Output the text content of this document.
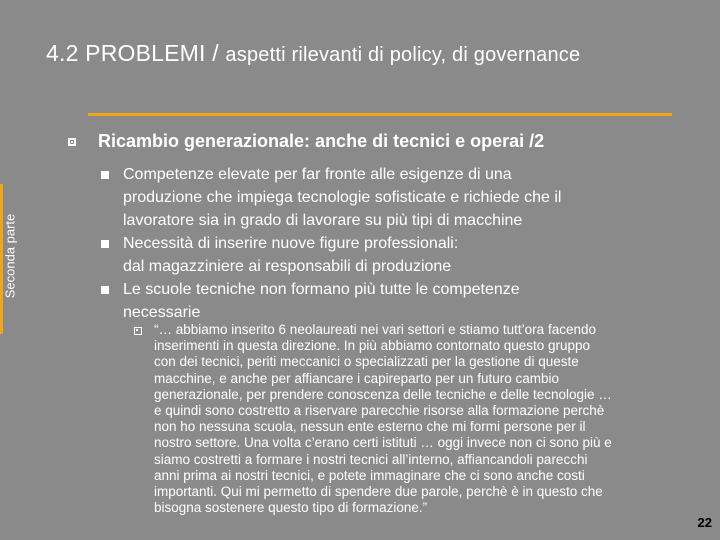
4.2 PROBLEMI / aspetti rilevanti di policy, di governance
Seconda parte
Ricambio generazionale: anche di tecnici e operai /2
Competenze elevate per far fronte alle esigenze di una
produzione che impiega tecnologie sofisticate e richiede che il
lavoratore sia in grado di lavorare su più tipi di macchine
Necessità di inserire nuove figure professionali:
dal magazziniere ai responsabili di produzione
Le scuole tecniche non formano più tutte le competenze
necessarie
“… abbiamo inserito 6 neolaureati nei vari settori e stiamo tutt’ora facendo
inserimenti in questa direzione. In più abbiamo contornato questo gruppo
con dei tecnici, periti meccanici o specializzati per la gestione di queste
macchine, e anche per affiancare i capireparto per un futuro cambio
generazionale, per prendere conoscenza delle tecniche e delle tecnologie …
e quindi sono costretto a riservare parecchie risorse alla formazione perchè
non ho nessuna scuola, nessun ente esterno che mi formi persone per il
nostro settore. Una volta c’erano certi istituti … oggi invece non ci sono più e
siamo costretti a formare i nostri tecnici all’interno, affiancandoli parecchi
anni prima ai nostri tecnici, e potete immaginare che ci sono anche costi
importanti. Qui mi permetto di spendere due parole, perchè è in questo che
bisogna sostenere questo tipo di formazione.”
22
